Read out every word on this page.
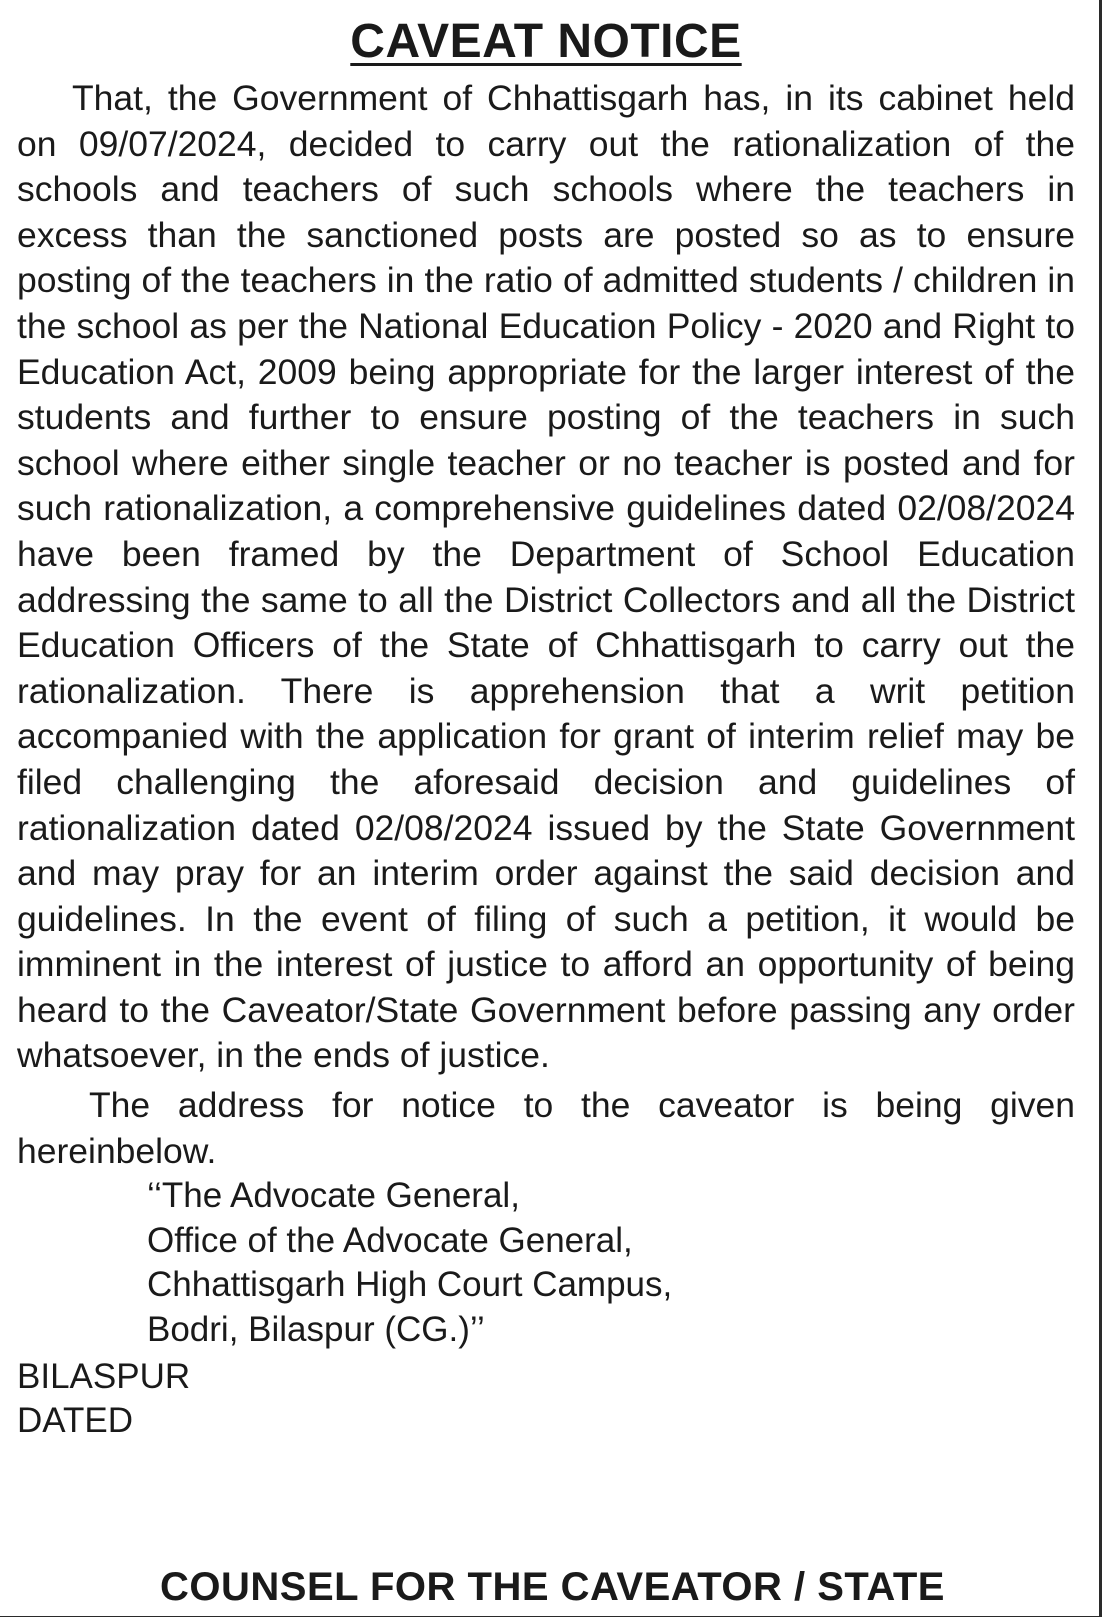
CAVEAT NOTICE

That, the Government of Chhattisgarh has, in its cabinet held on 09/07/2024, decided to carry out the rationalization of the schools and teachers of such schools where the teachers in excess than the sanctioned posts are posted so as to ensure posting of the teachers in the ratio of admitted students / children in the school as per the National Education Policy - 2020 and Right to Education Act, 2009 being appropriate for the larger interest of the students and further to ensure posting of the teachers in such school where either single teacher or no teacher is posted and for such rationalization, a comprehensive guidelines dated 02/08/2024 have been framed by the Department of School Education addressing the same to all the District Collectors and all the District Education Officers of the State of Chhattisgarh to carry out the rationalization. There is apprehension that a writ petition accompanied with the application for grant of interim relief may be filed challenging the aforesaid decision and guidelines of rationalization dated 02/08/2024 issued by the State Government and may pray for an interim order against the said decision and guidelines. In the event of filing of such a petition, it would be imminent in the interest of justice to afford an opportunity of being heard to the Caveator/State Government before passing any order whatsoever, in the ends of justice.

The address for notice to the caveator is being given hereinbelow.

‘‘The Advocate General,
Office of the Advocate General,
Chhattisgarh High Court Campus,
Bodri, Bilaspur (CG.)’’
BILASPUR
DATED
COUNSEL FOR THE CAVEATOR / STATE
